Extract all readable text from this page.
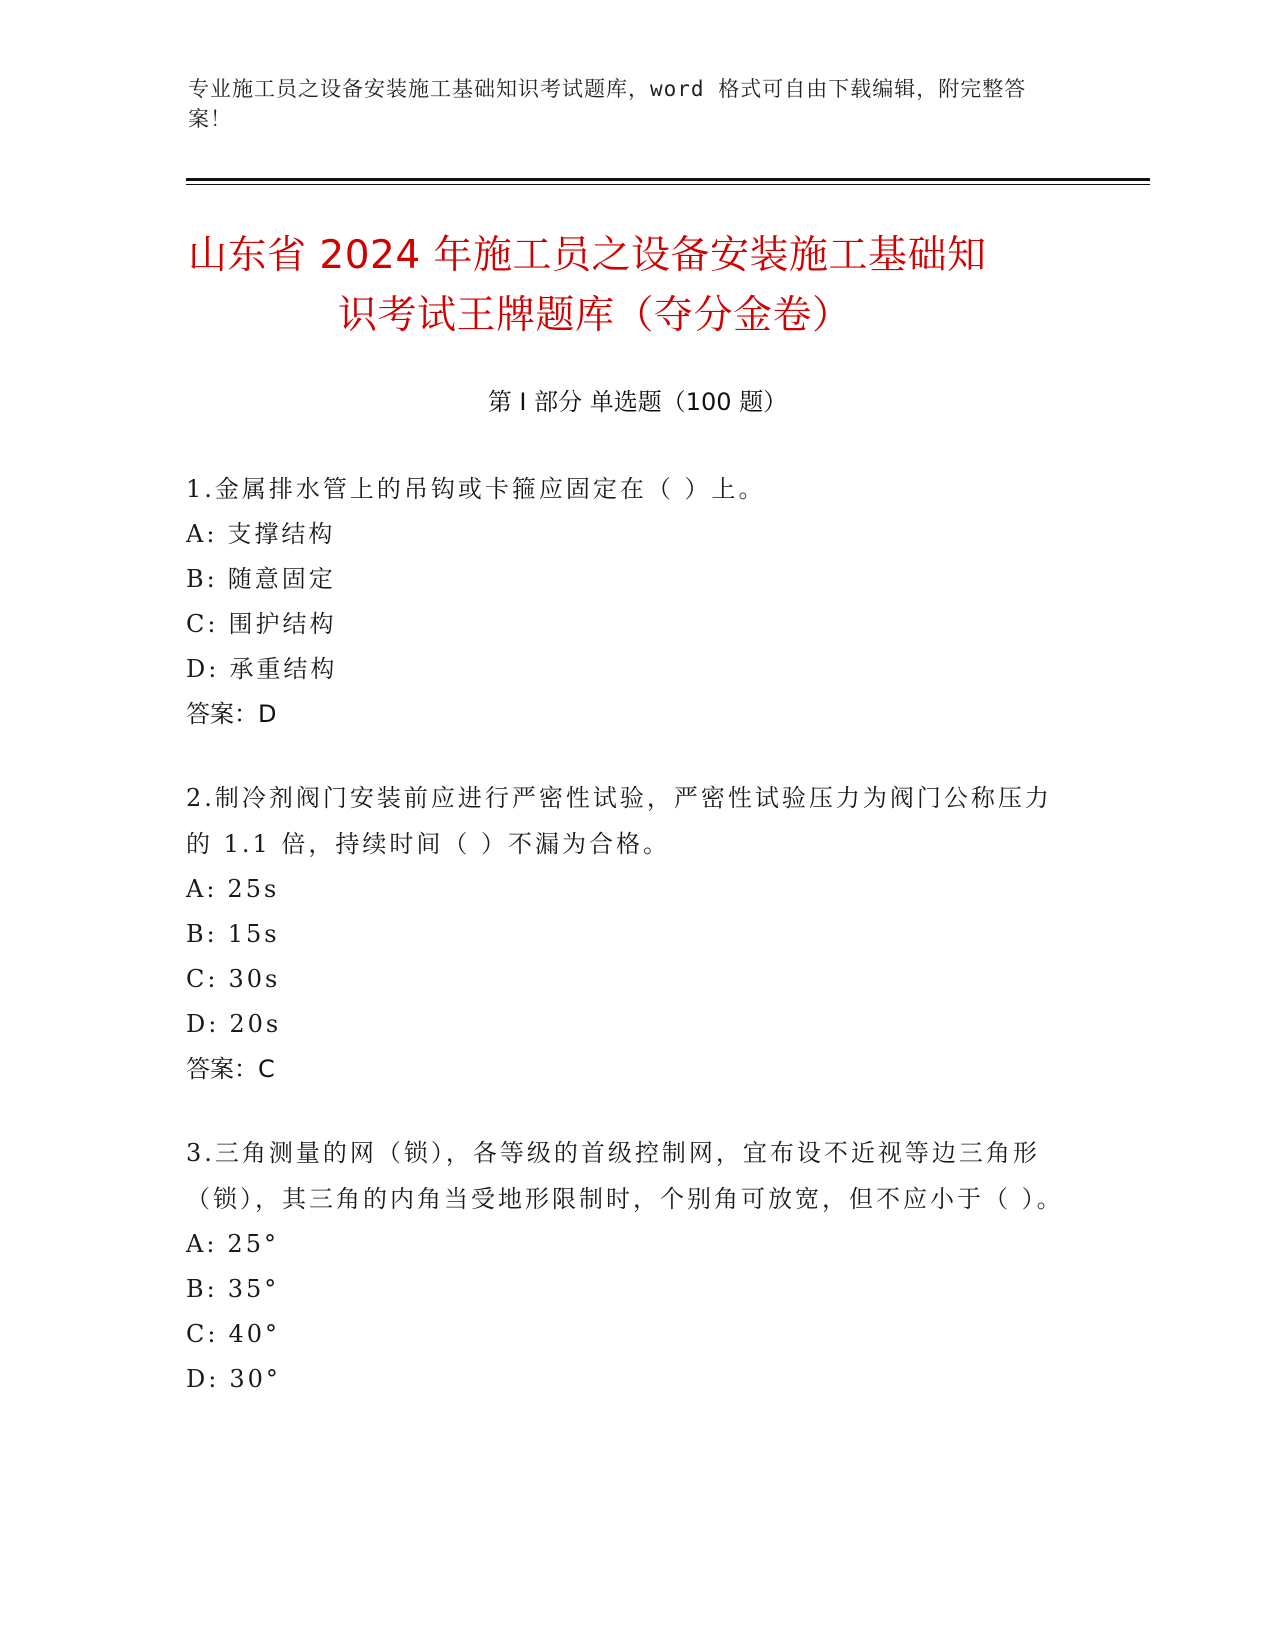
专业施工员之设备安装施工基础知识考试题库，word 格式可自由下载编辑，附完整答案！
山东省 2024 年施工员之设备安装施工基础知
识考试王牌题库（夺分金卷）
第 I 部分 单选题（100 题）
1.金属排水管上的吊钩或卡箍应固定在（ ）上。
A: 支撑结构
B: 随意固定
C: 围护结构
D: 承重结构
答案：D
2.制冷剂阀门安装前应进行严密性试验，严密性试验压力为阀门公称压力的 1.1 倍，持续时间（ ）不漏为合格。
A: 25s
B: 15s
C: 30s
D: 20s
答案：C
3.三角测量的网（锁），各等级的首级控制网，宜布设不近视等边三角形（锁），其三角的内角当受地形限制时，个别角可放宽，但不应小于（ ）。
A: 25°
B: 35°
C: 40°
D: 30°
